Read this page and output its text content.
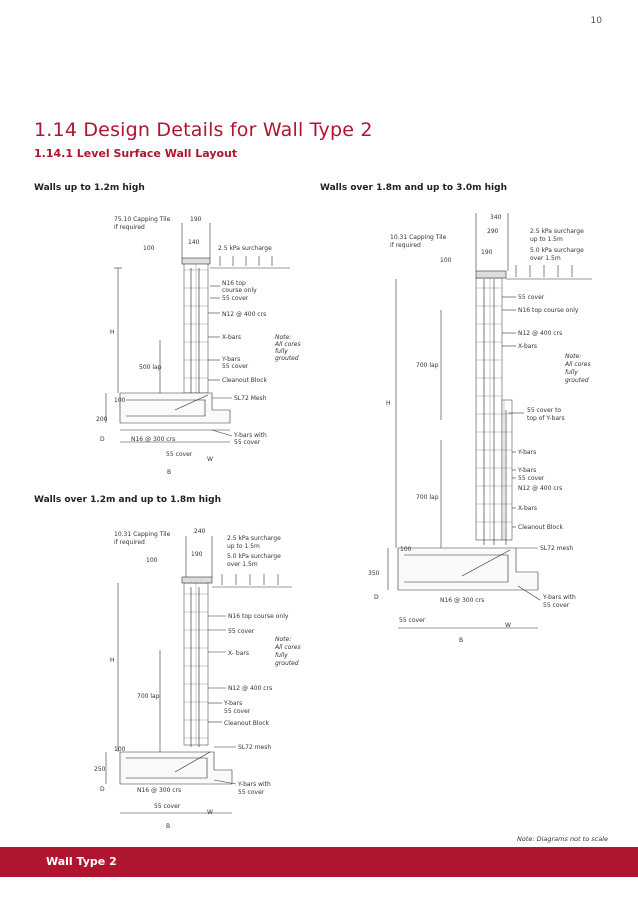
10
1.14 Design Details for Wall Type 2
1.14.1 Level Surface Wall Layout
Walls up to 1.2m high	Walls over 1.8m and up to 3.0m high
Walls over 1.2m and up to 1.8m high
75.10 Capping Tile
if required
190
140
100	2.5 kPa surcharge
N16 top
course only
55 cover
N12 @ 400 crs
X-bars
Y-bars
55 cover
Cleanout Block
500 lap
H
Note:
All cores
fully
grouted
100	SL72 Mesh
200
D	N16 @ 300 crs
Y-bars with
55 cover
55 cover
W
B
10.31 Capping Tile
if required
240
190
100
2.5 kPa surcharge
up to 1.5m
5.0 kPa surcharge
over 1.5m
N16 top course only
55 cover
X- bars
Note:
All cores
fully
grouted
H
700 lap
N12 @ 400 crs
Y-bars
55 cover
Cleanout Block
100	SL72 mesh
250
D	N16 @ 300 crs
Y-bars with
55 cover
55 cover
W
B
340
290
10.31 Capping Tile
if required
190
100
2.5 kPa surcharge
up to 1.5m
5.0 kPa surcharge
over 1.5m
55 cover
N16 top course only
N12 @ 400 crs
X-bars
Note:
All cores
fully
grouted
700 lap
H
55 cover to
top of Y-bars
Y-bars
Y-bars
55 cover
N12 @ 400 crs
700 lap
X-bars
Cleanout Block
100	SL72 mesh
350
D	N16 @ 300 crs	Y-bars with
55 cover
55 cover
W
B
Note: Diagrams not to scale
Wall Type 2
